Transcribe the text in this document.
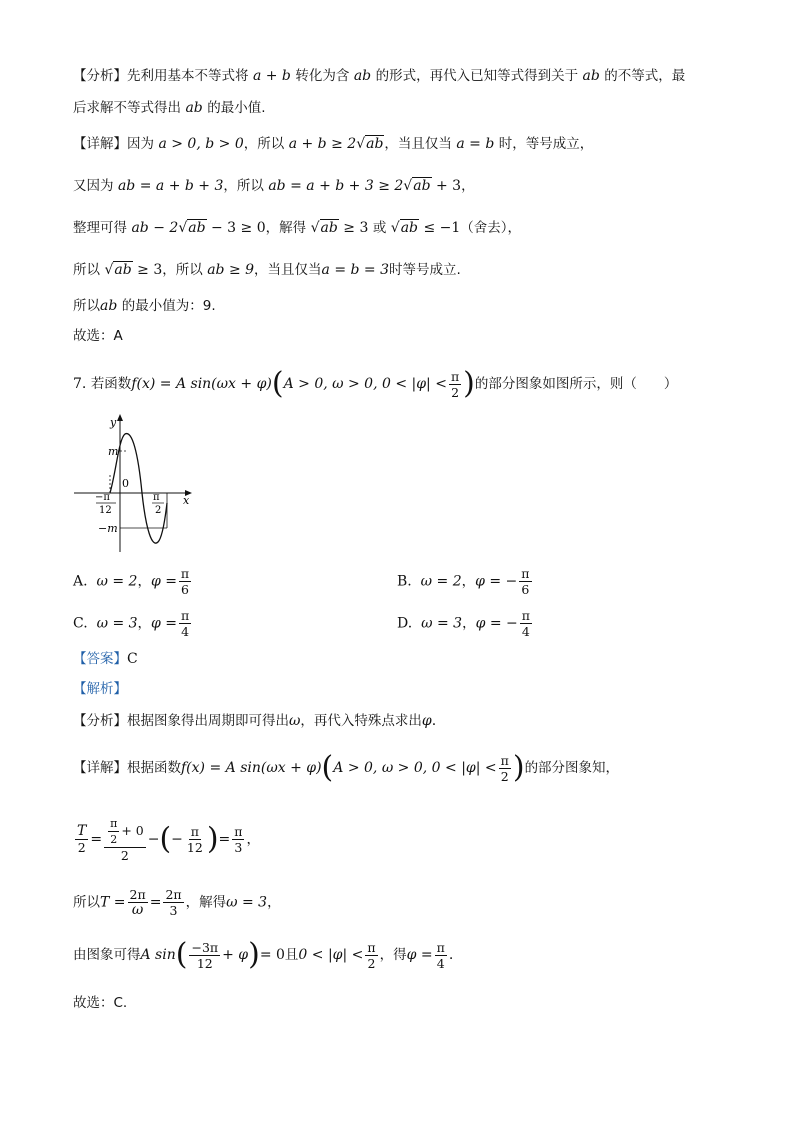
【分析】先利用基本不等式将 a + b 转化为含 ab 的形式，再代入已知等式得到关于 ab 的不等式，最
后求解不等式得出 ab 的最小值.
【详解】因为 a > 0, b > 0，所以 a + b ≥ 2√ab，当且仅当 a = b 时，等号成立，
又因为 ab = a + b + 3，所以 ab = a + b + 3 ≥ 2√ab + 3，
整理可得 ab − 2√ab − 3 ≥ 0，解得 √ab ≥ 3 或 √ab ≤ −1（舍去），
所以 √ab ≥ 3，所以 ab ≥ 9，当且仅当a = b = 3时等号成立.
所以ab 的最小值为：9.
故选：A
7. 若函数f(x) = A sin(ωx + φ)(A > 0, ω > 0, $0 < |\varphi| < \frac{\pi}{2}$ )的部分图象如图所示，则（　　）
y
x
m
0
−m
−π
12
π
2
A. ω = 2，$\varphi = \frac{\pi}{6}$	B. ω = 2，φ = − $\frac{\pi}{6}$
C. ω = 3，$\varphi = \frac{\pi}{4}$	D. ω = 3，φ = − $\frac{\pi}{4}$
【答案】C
【解析】
【分析】根据图象得出周期即可得出ω，再代入特殊点求出φ.
【详解】根据函数f(x) = A sin(ωx + φ)(A > 0, ω > 0, $0 < |\varphi| < \frac{\pi}{2}$ )的部分图象知，
$\frac{T}{2} = \frac{\frac{\pi}{2} + 0}{2}$ −(− $\frac{\pi}{12}$ )= $\frac{\pi}{3}$ ，
所以$T = \frac{2\pi}{\omega} = \frac{2\pi}{3}$ ，解得ω = 3，
由图象可得A $\sin( \frac{-3\pi}{12} + \varphi)= 0$且$0 < |\varphi| < \frac{\pi}{2}$ ，得$\varphi = \frac{\pi}{4}$ .
故选：C.
